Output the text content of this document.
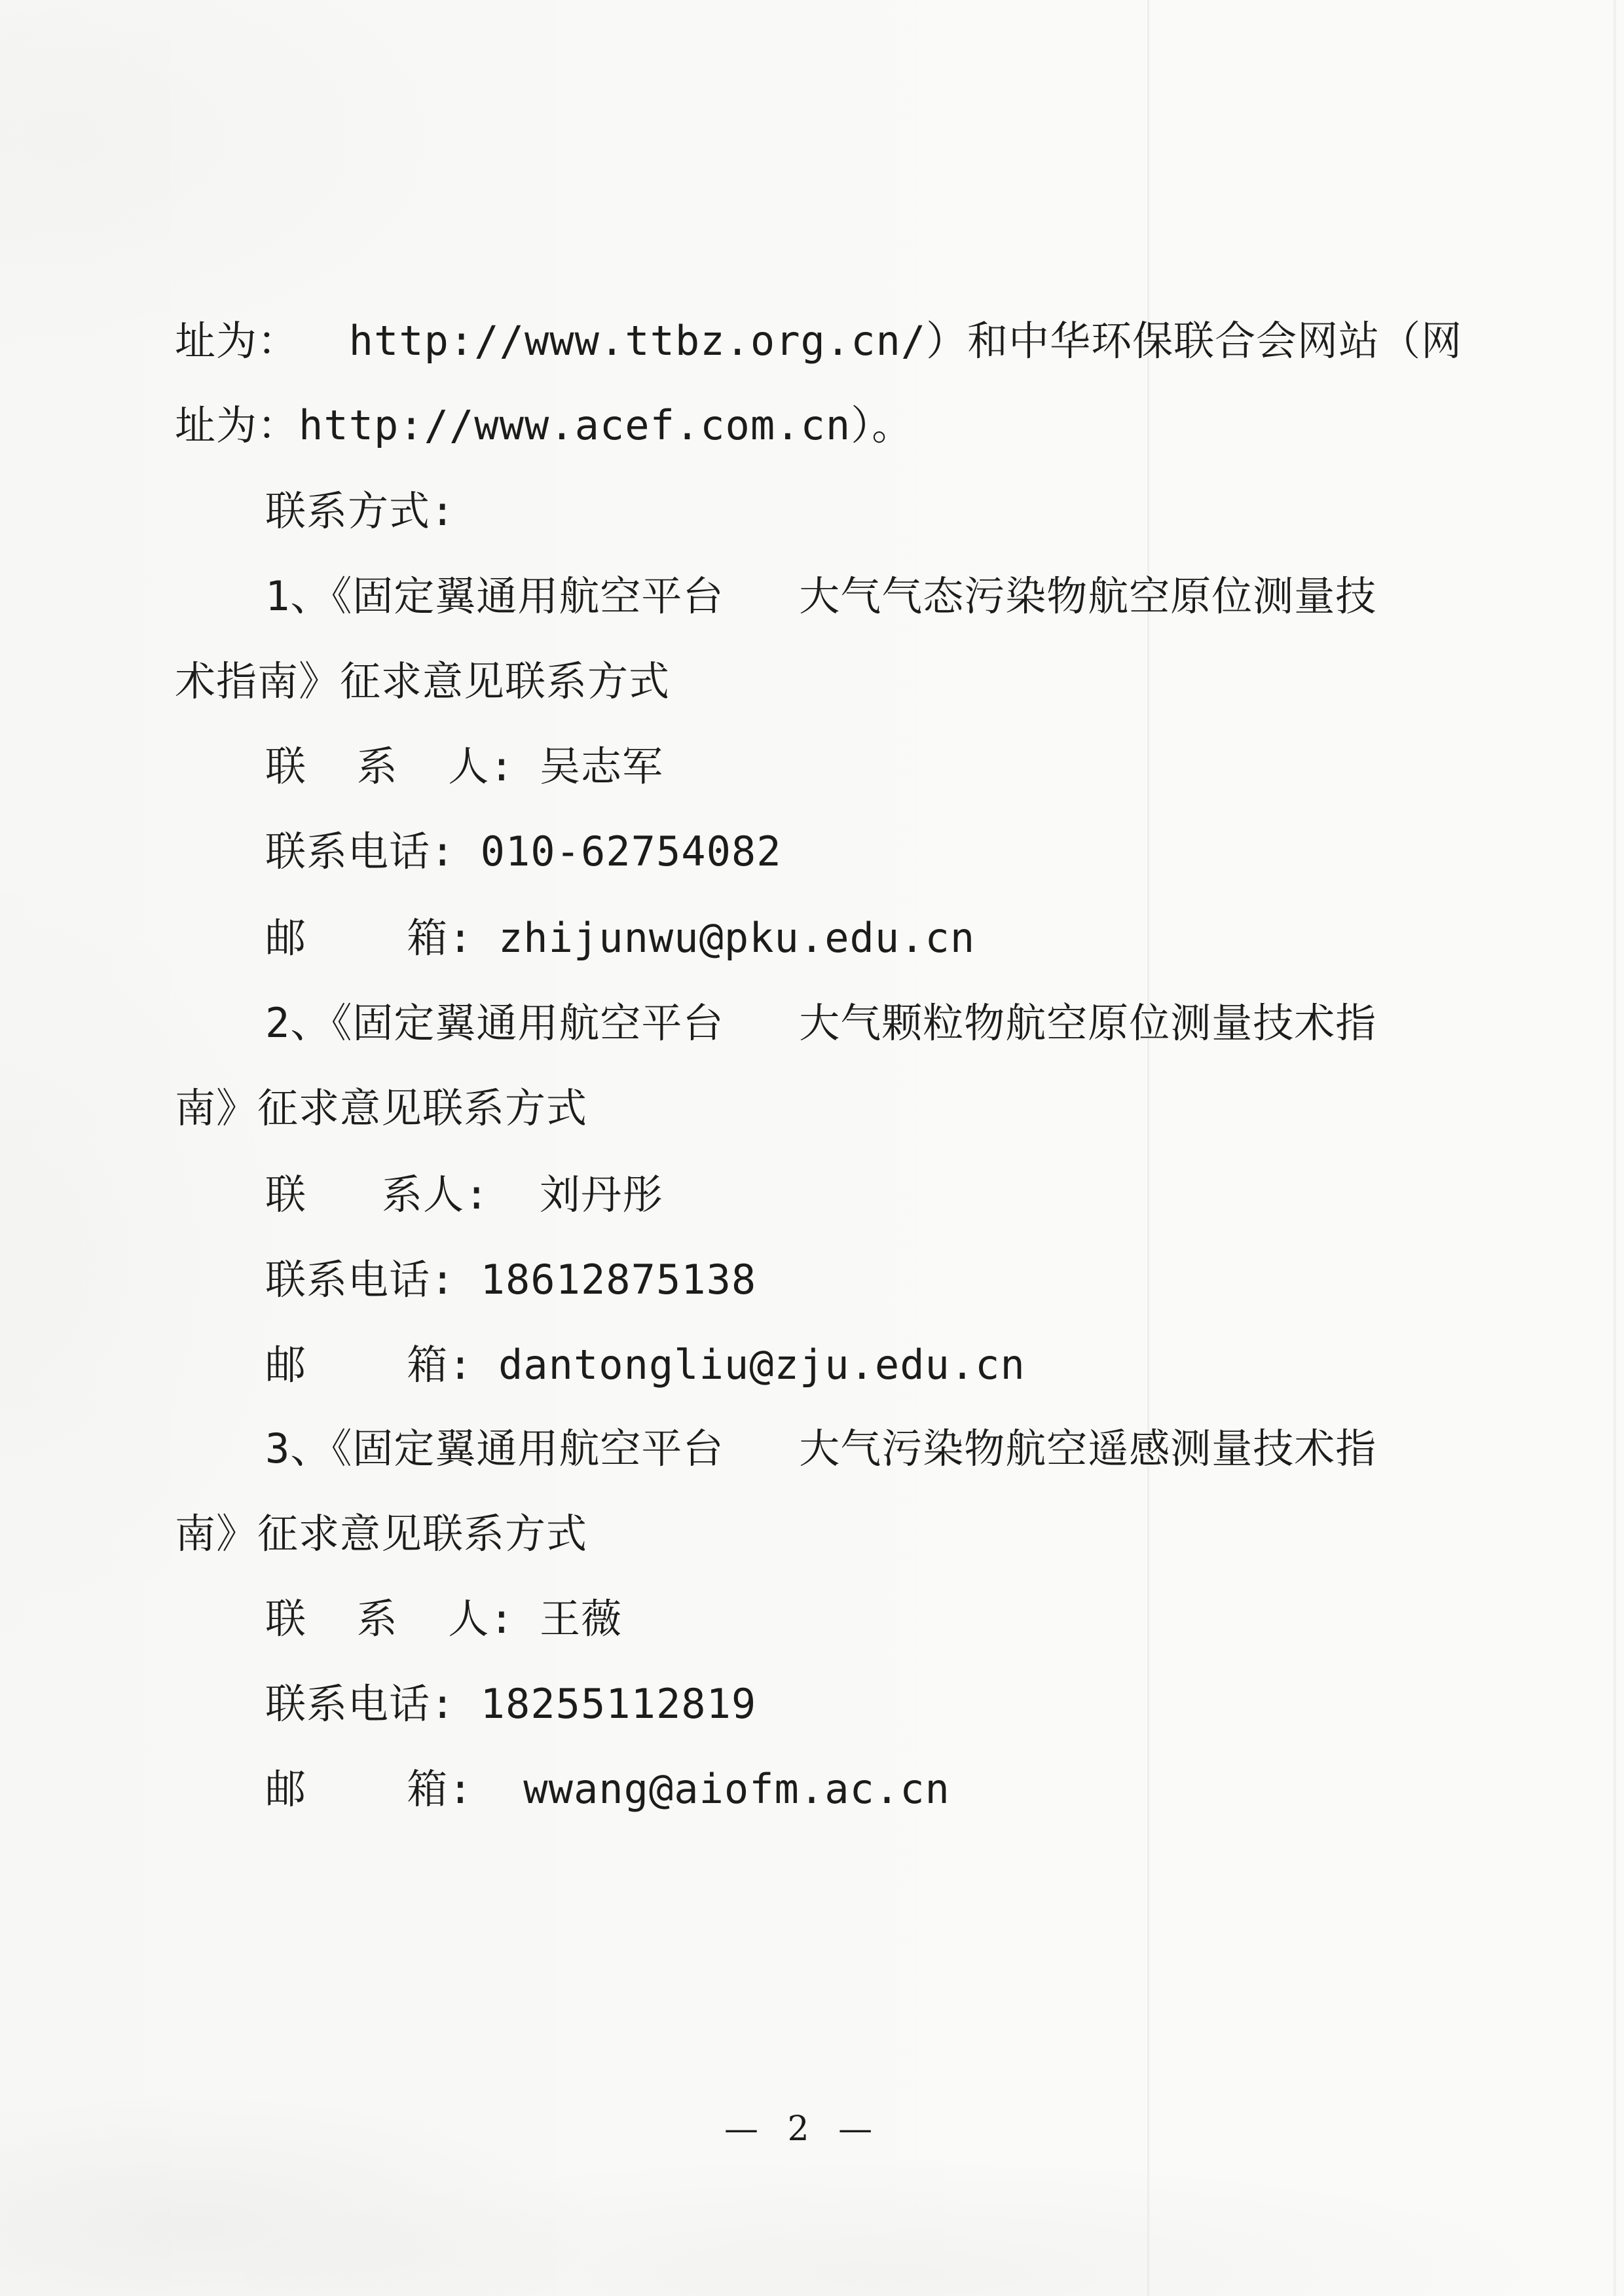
址为：  http://www.ttbz.org.cn/）和中华环保联合会网站（网
址为：http://www.acef.com.cn）。
联系方式:
1、《固定翼通用航空平台   大气气态污染物航空原位测量技
术指南》征求意见联系方式
联  系  人: 吴志军
联系电话: 010-62754082
邮    箱: zhijunwu@pku.edu.cn
2、《固定翼通用航空平台   大气颗粒物航空原位测量技术指
南》征求意见联系方式
联   系人:  刘丹彤
联系电话: 18612875138
邮    箱: dantongliu@zju.edu.cn
3、《固定翼通用航空平台   大气污染物航空遥感测量技术指
南》征求意见联系方式
联  系  人: 王薇
联系电话: 18255112819
邮    箱:  wwang@aiofm.ac.cn
— 2 —
